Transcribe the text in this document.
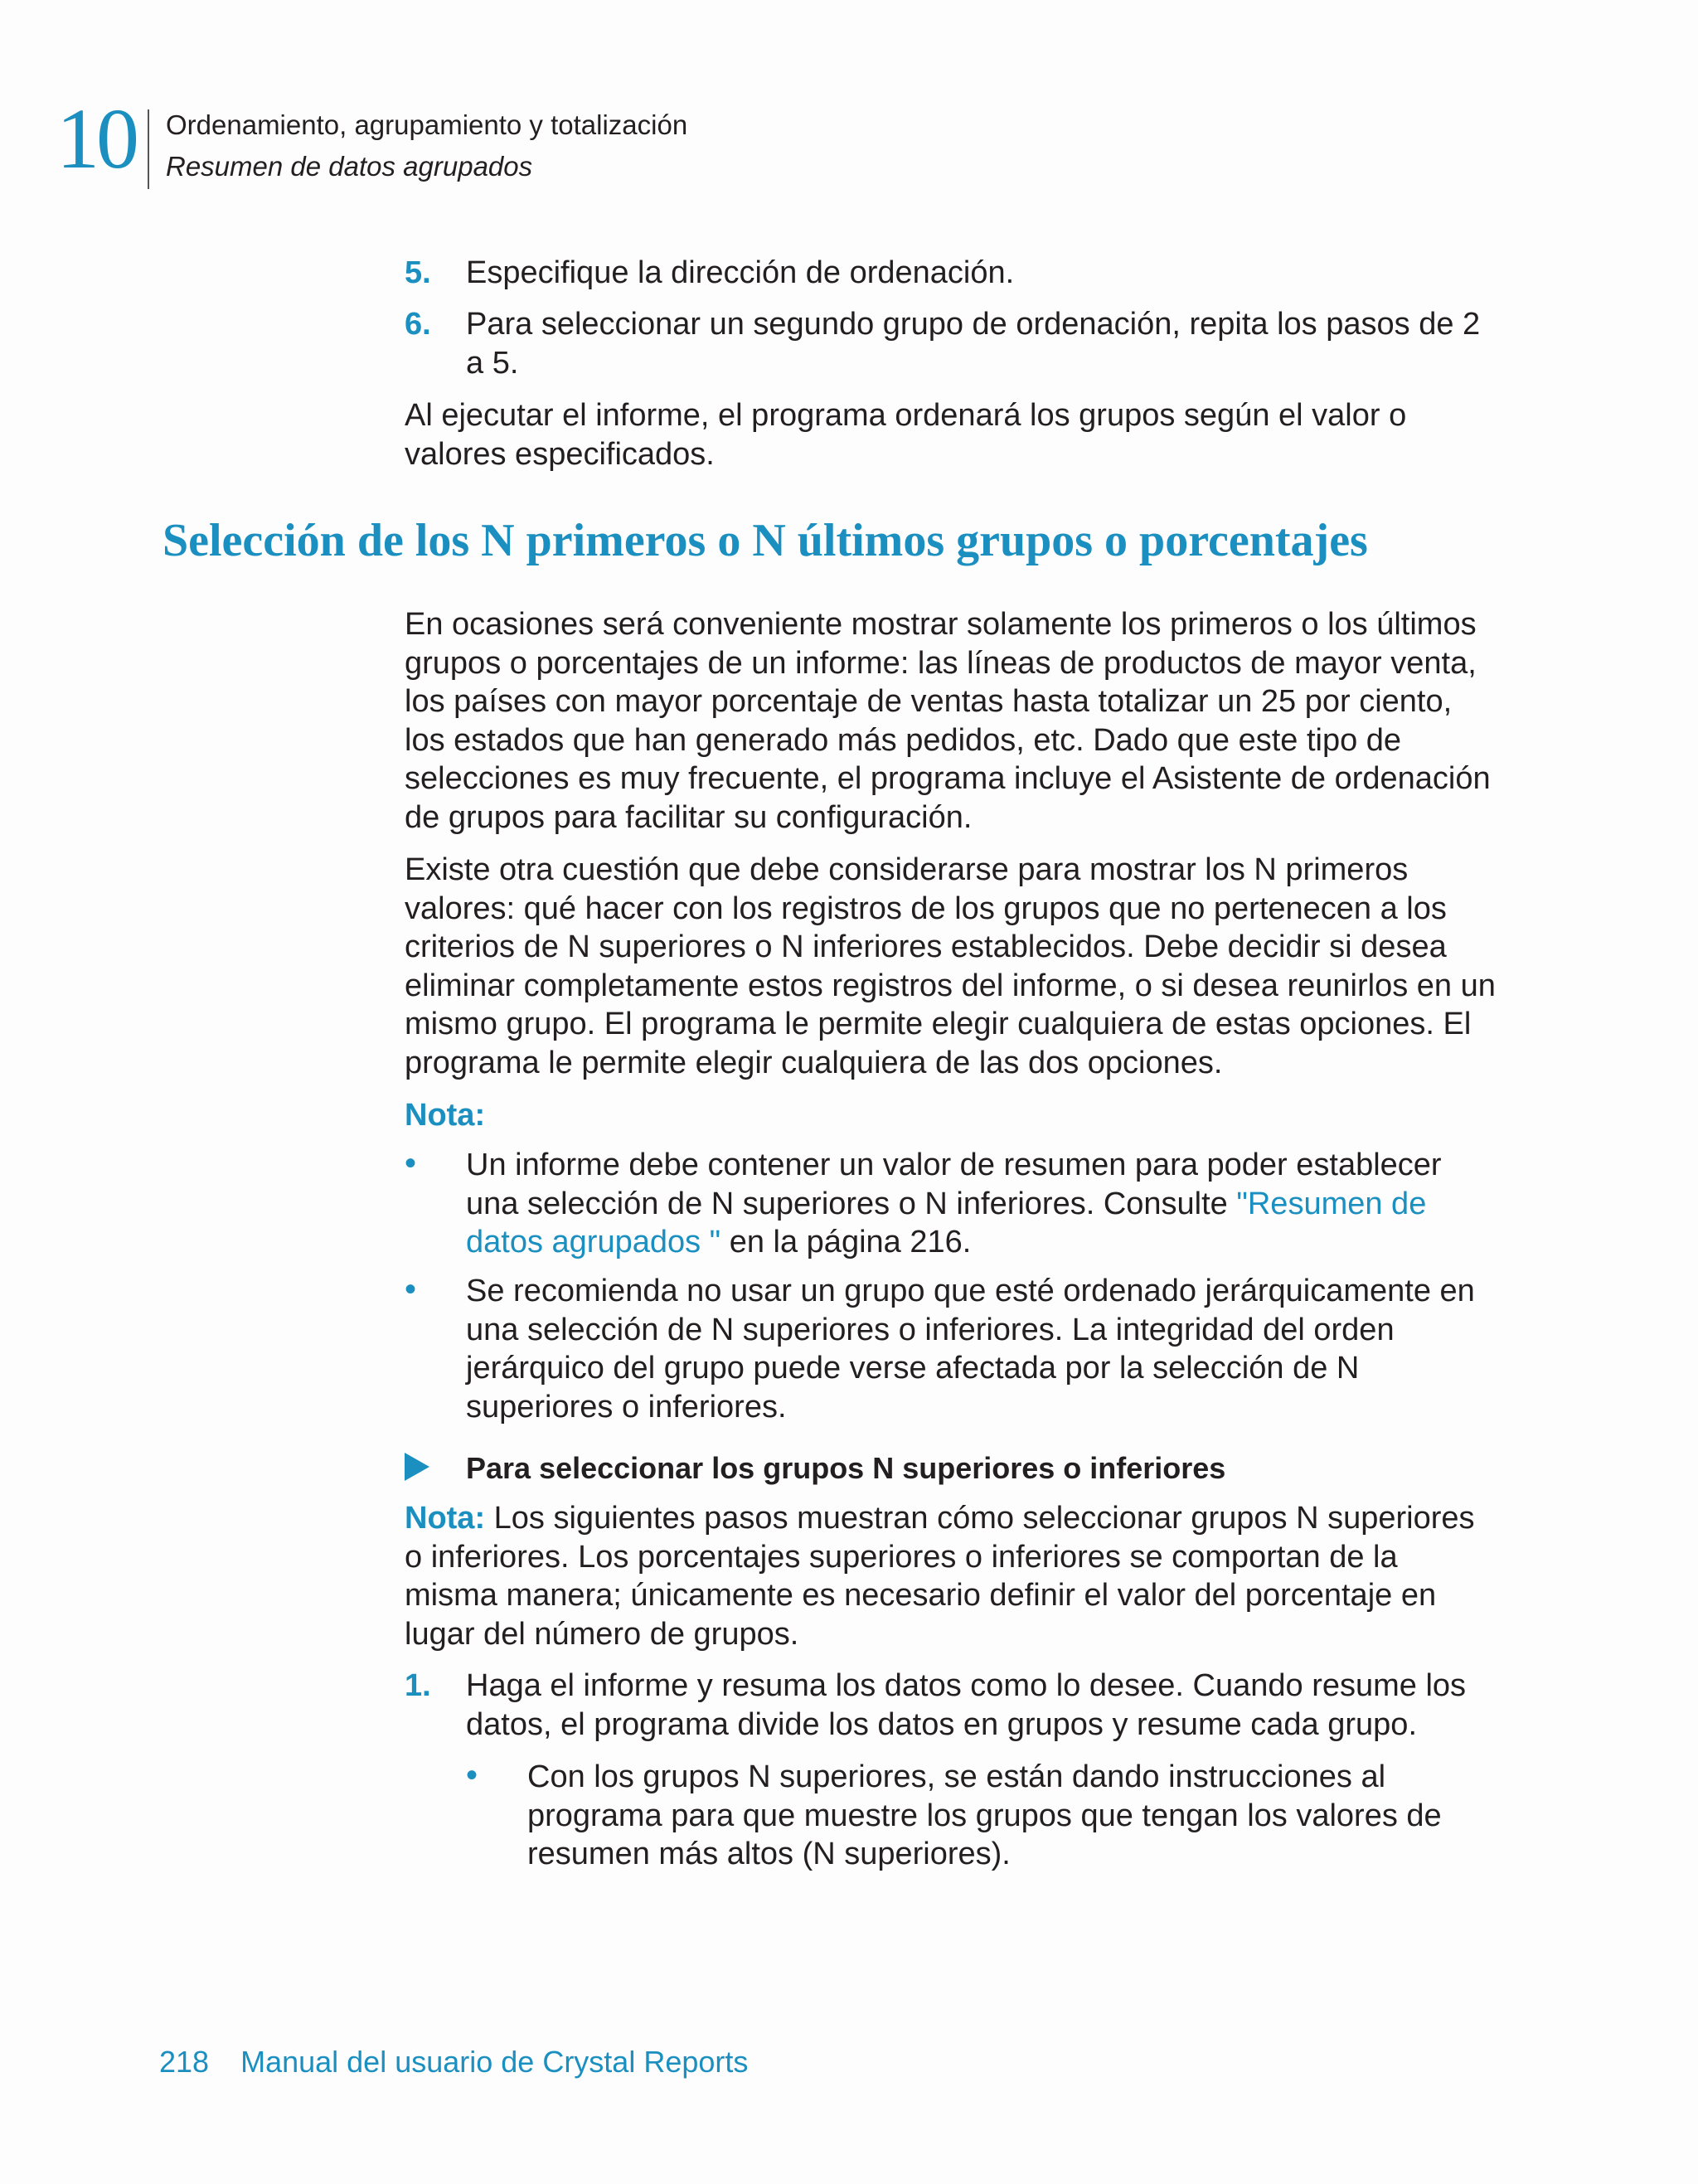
10 Ordenamiento, agrupamiento y totalización
Resumen de datos agrupados
5. Especifique la dirección de ordenación.
6. Para seleccionar un segundo grupo de ordenación, repita los pasos de 2 a 5.
Al ejecutar el informe, el programa ordenará los grupos según el valor o valores especificados.
Selección de los N primeros o N últimos grupos o porcentajes
En ocasiones será conveniente mostrar solamente los primeros o los últimos grupos o porcentajes de un informe: las líneas de productos de mayor venta, los países con mayor porcentaje de ventas hasta totalizar un 25 por ciento, los estados que han generado más pedidos, etc. Dado que este tipo de selecciones es muy frecuente, el programa incluye el Asistente de ordenación de grupos para facilitar su configuración.
Existe otra cuestión que debe considerarse para mostrar los N primeros valores: qué hacer con los registros de los grupos que no pertenecen a los criterios de N superiores o N inferiores establecidos. Debe decidir si desea eliminar completamente estos registros del informe, o si desea reunirlos en un mismo grupo. El programa le permite elegir cualquiera de estas opciones. El programa le permite elegir cualquiera de las dos opciones.
Nota:
• Un informe debe contener un valor de resumen para poder establecer una selección de N superiores o N inferiores. Consulte "Resumen de datos agrupados " en la página 216.
• Se recomienda no usar un grupo que esté ordenado jerárquicamente en una selección de N superiores o inferiores. La integridad del orden jerárquico del grupo puede verse afectada por la selección de N superiores o inferiores.
Para seleccionar los grupos N superiores o inferiores
Nota: Los siguientes pasos muestran cómo seleccionar grupos N superiores o inferiores. Los porcentajes superiores o inferiores se comportan de la misma manera; únicamente es necesario definir el valor del porcentaje en lugar del número de grupos.
1. Haga el informe y resuma los datos como lo desee. Cuando resume los datos, el programa divide los datos en grupos y resume cada grupo.
• Con los grupos N superiores, se están dando instrucciones al programa para que muestre los grupos que tengan los valores de resumen más altos (N superiores).
218 Manual del usuario de Crystal Reports
